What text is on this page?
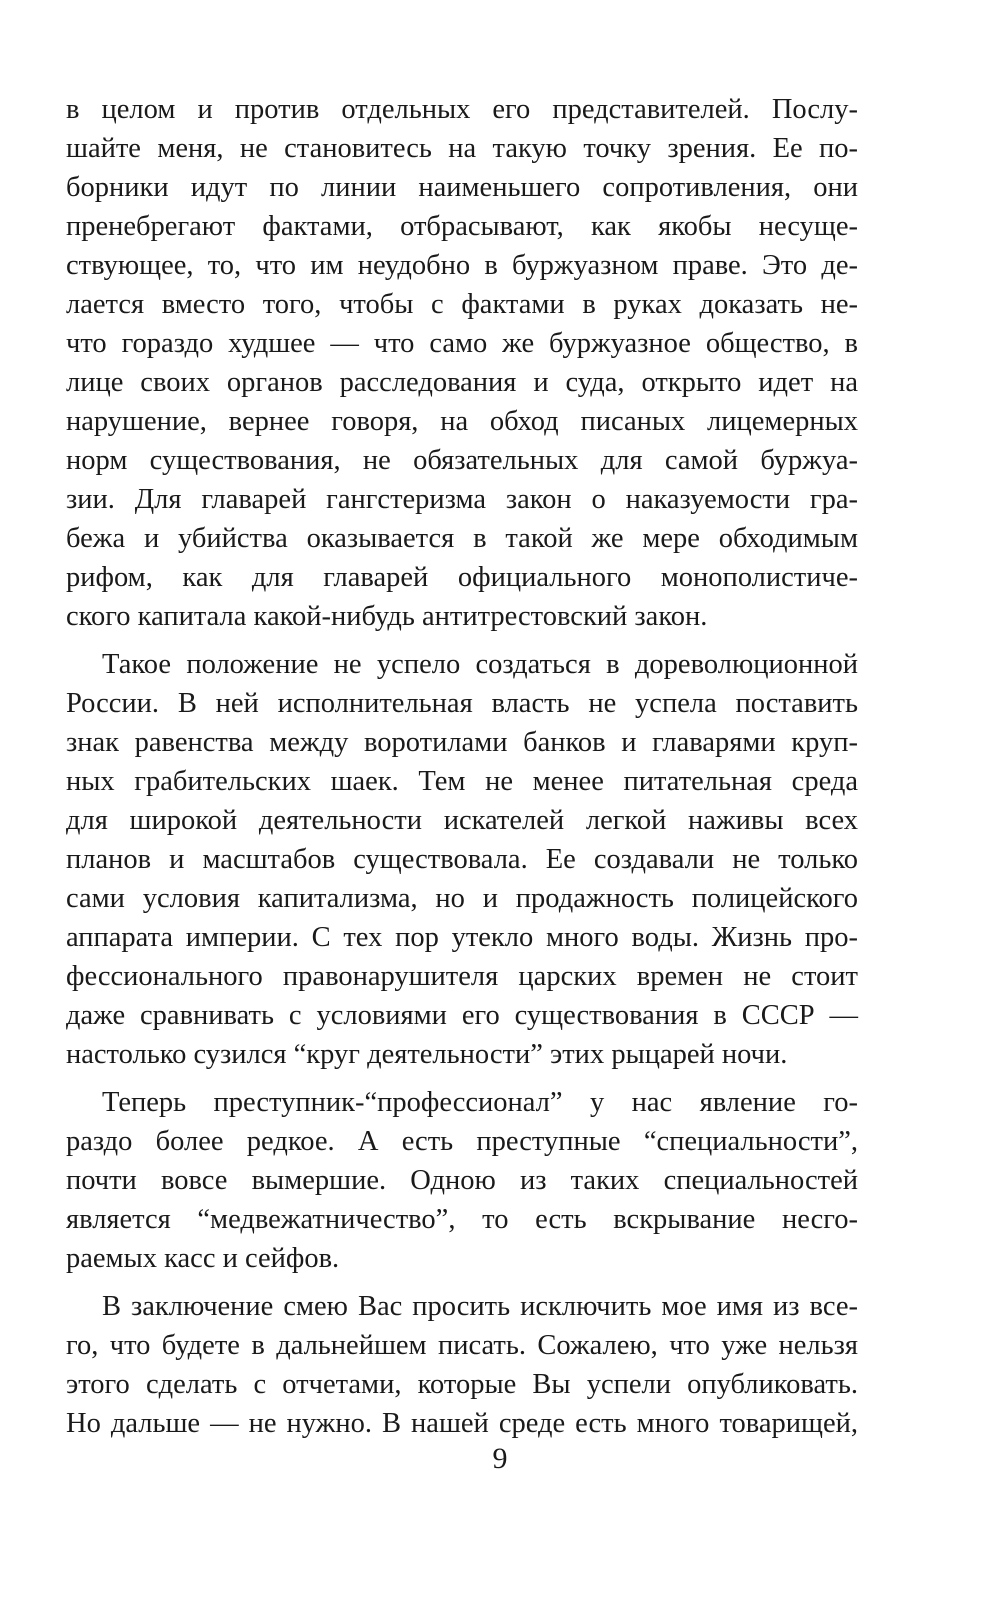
в целом и против отдельных его представителей. Послу-
шайте меня, не становитесь на такую точку зрения. Ее по-
борники идут по линии наименьшего сопротивления, они
пренебрегают фактами, отбрасывают, как якобы несуще-
ствующее, то, что им неудобно в буржуазном праве. Это де-
лается вместо того, чтобы с фактами в руках доказать не-
что гораздо худшее — что само же буржуазное общество, в
лице своих органов расследования и суда, открыто идет на
нарушение, вернее говоря, на обход писаных лицемерных
норм существования, не обязательных для самой буржуа-
зии. Для главарей гангстеризма закон о наказуемости гра-
бежа и убийства оказывается в такой же мере обходимым
рифом, как для главарей официального монополистиче-
ского капитала какой-нибудь антитрестовский закон.
Такое положение не успело создаться в дореволюционной
России. В ней исполнительная власть не успела поставить
знак равенства между воротилами банков и главарями круп-
ных грабительских шаек. Тем не менее питательная среда
для широкой деятельности искателей легкой наживы всех
планов и масштабов существовала. Ее создавали не только
сами условия капитализма, но и продажность полицейского
аппарата империи. С тех пор утекло много воды. Жизнь про-
фессионального правонарушителя царских времен не стоит
даже сравнивать с условиями его существования в СССР —
настолько сузился “круг деятельности” этих рыцарей ночи.
Теперь преступник-“профессионал” у нас явление го-
раздо более редкое. А есть преступные “специальности”,
почти вовсе вымершие. Одною из таких специальностей
является “медвежатничество”, то есть вскрывание несго-
раемых касс и сейфов.
В заключение смею Вас просить исключить мое имя из все-
го, что будете в дальнейшем писать. Сожалею, что уже нельзя
этого сделать с отчетами, которые Вы успели опубликовать.
Но дальше — не нужно. В нашей среде есть много товарищей,
9
